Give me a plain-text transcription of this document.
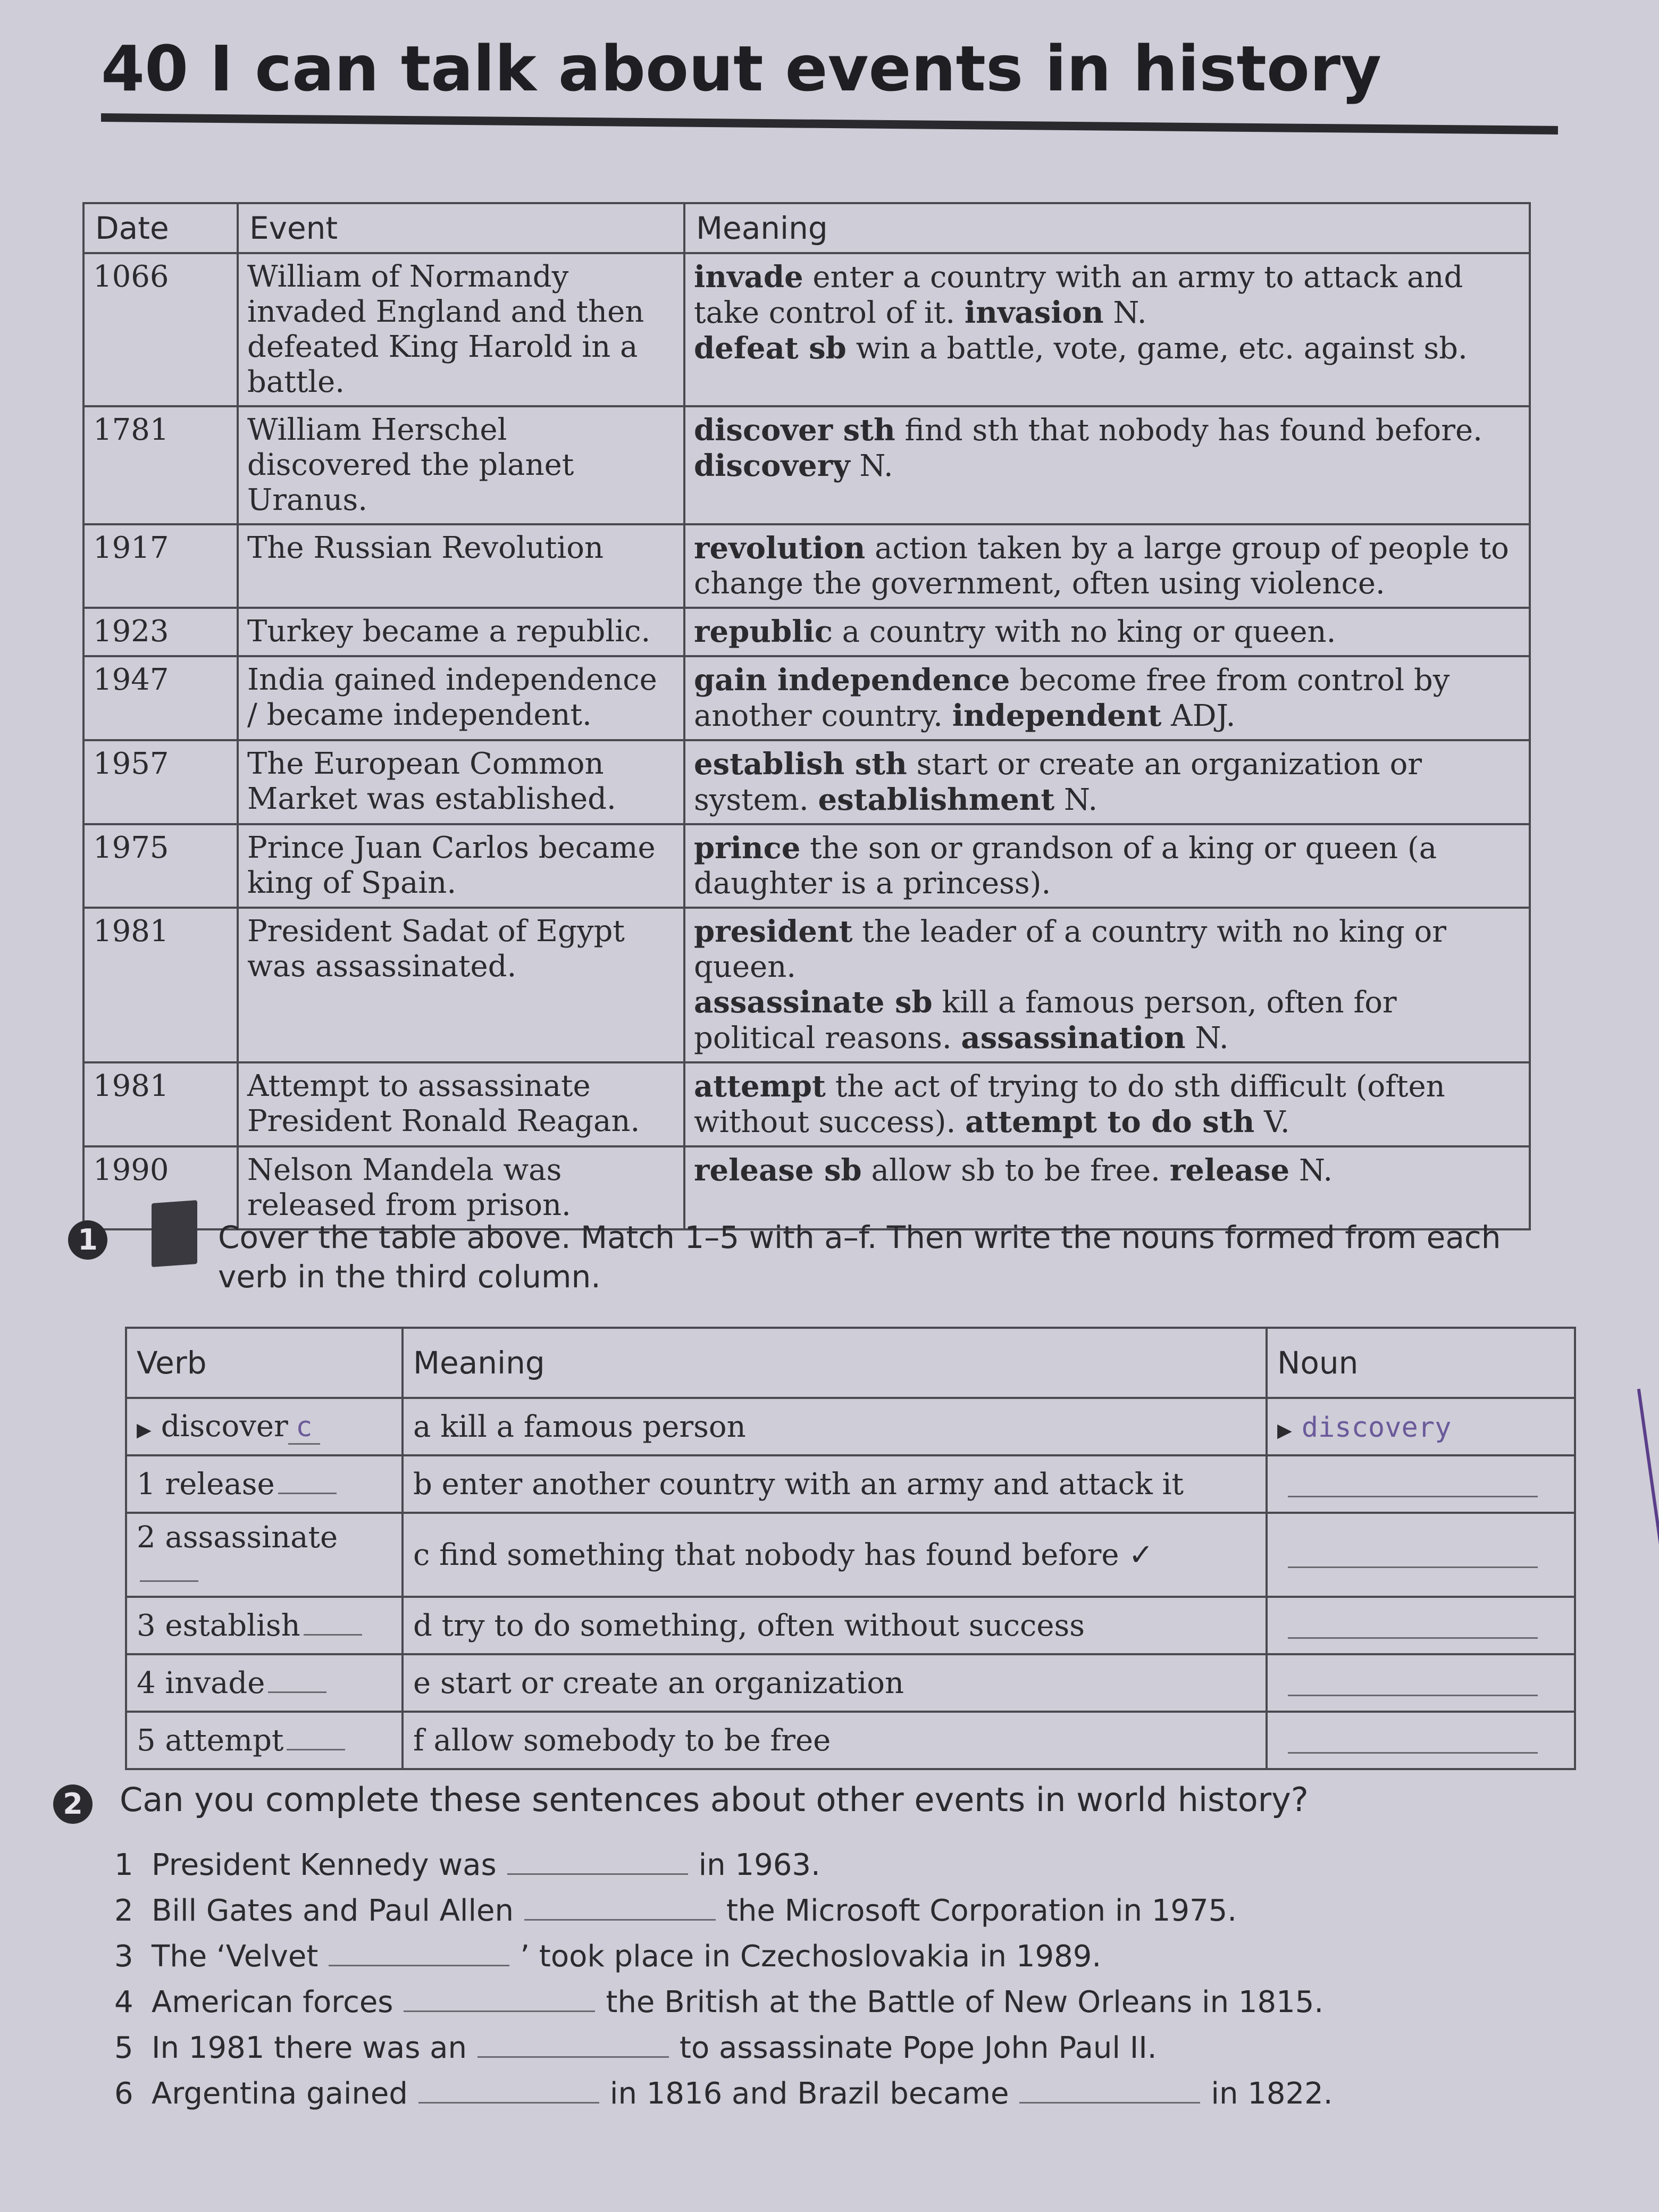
40 I can talk about events in history
Date	Event	Meaning
1066	William of Normandy invaded England and then defeated King Harold in a battle.	invade enter a country with an army to attack and take control of it. invasion N.
defeat sb win a battle, vote, game, etc. against sb.
1781	William Herschel discovered the planet Uranus.	discover sth find sth that nobody has found before. discovery N.
1917	The Russian Revolution	revolution action taken by a large group of people to change the government, often using violence.
1923	Turkey became a republic.	republic a country with no king or queen.
1947	India gained independence / became independent.	gain independence become free from control by another country. independent ADJ.
1957	The European Common Market was established.	establish sth start or create an organization or system. establishment N.
1975	Prince Juan Carlos became king of Spain.	prince the son or grandson of a king or queen (a daughter is a princess).
1981	President Sadat of Egypt was assassinated.	president the leader of a country with no king or queen.
assassinate sb kill a famous person, often for political reasons. assassination N.
1981	Attempt to assassinate President Ronald Reagan.	attempt the act of trying to do sth difficult (often without success). attempt to do sth V.
1990	Nelson Mandela was released from prison.	release sb allow sb to be free. release N.
1	Cover the table above. Match 1–5 with a–f. Then write the nouns formed from each verb in the third column.
Verb	Meaning	Noun
▶ discover c	a kill a famous person	▶ discovery
1 release	b enter another country with an army and attack it	

2 assassinate	c find something that nobody has found before ✓	

3 establish	d try to do something, often without success	

4 invade	e start or create an organization	

5 attempt	f allow somebody to be free	
2 Can you complete these sentences about other events in world history?
1 President Kennedy was	in 1963.
2 Bill Gates and Paul Allen	the Microsoft Corporation in 1975.
3 The ‘Velvet	’ took place in Czechoslovakia in 1989.
4 American forces	the British at the Battle of New Orleans in 1815.
5 In 1981 there was an	to assassinate Pope John Paul II.
6 Argentina gained	in 1816 and Brazil became	in 1822.
